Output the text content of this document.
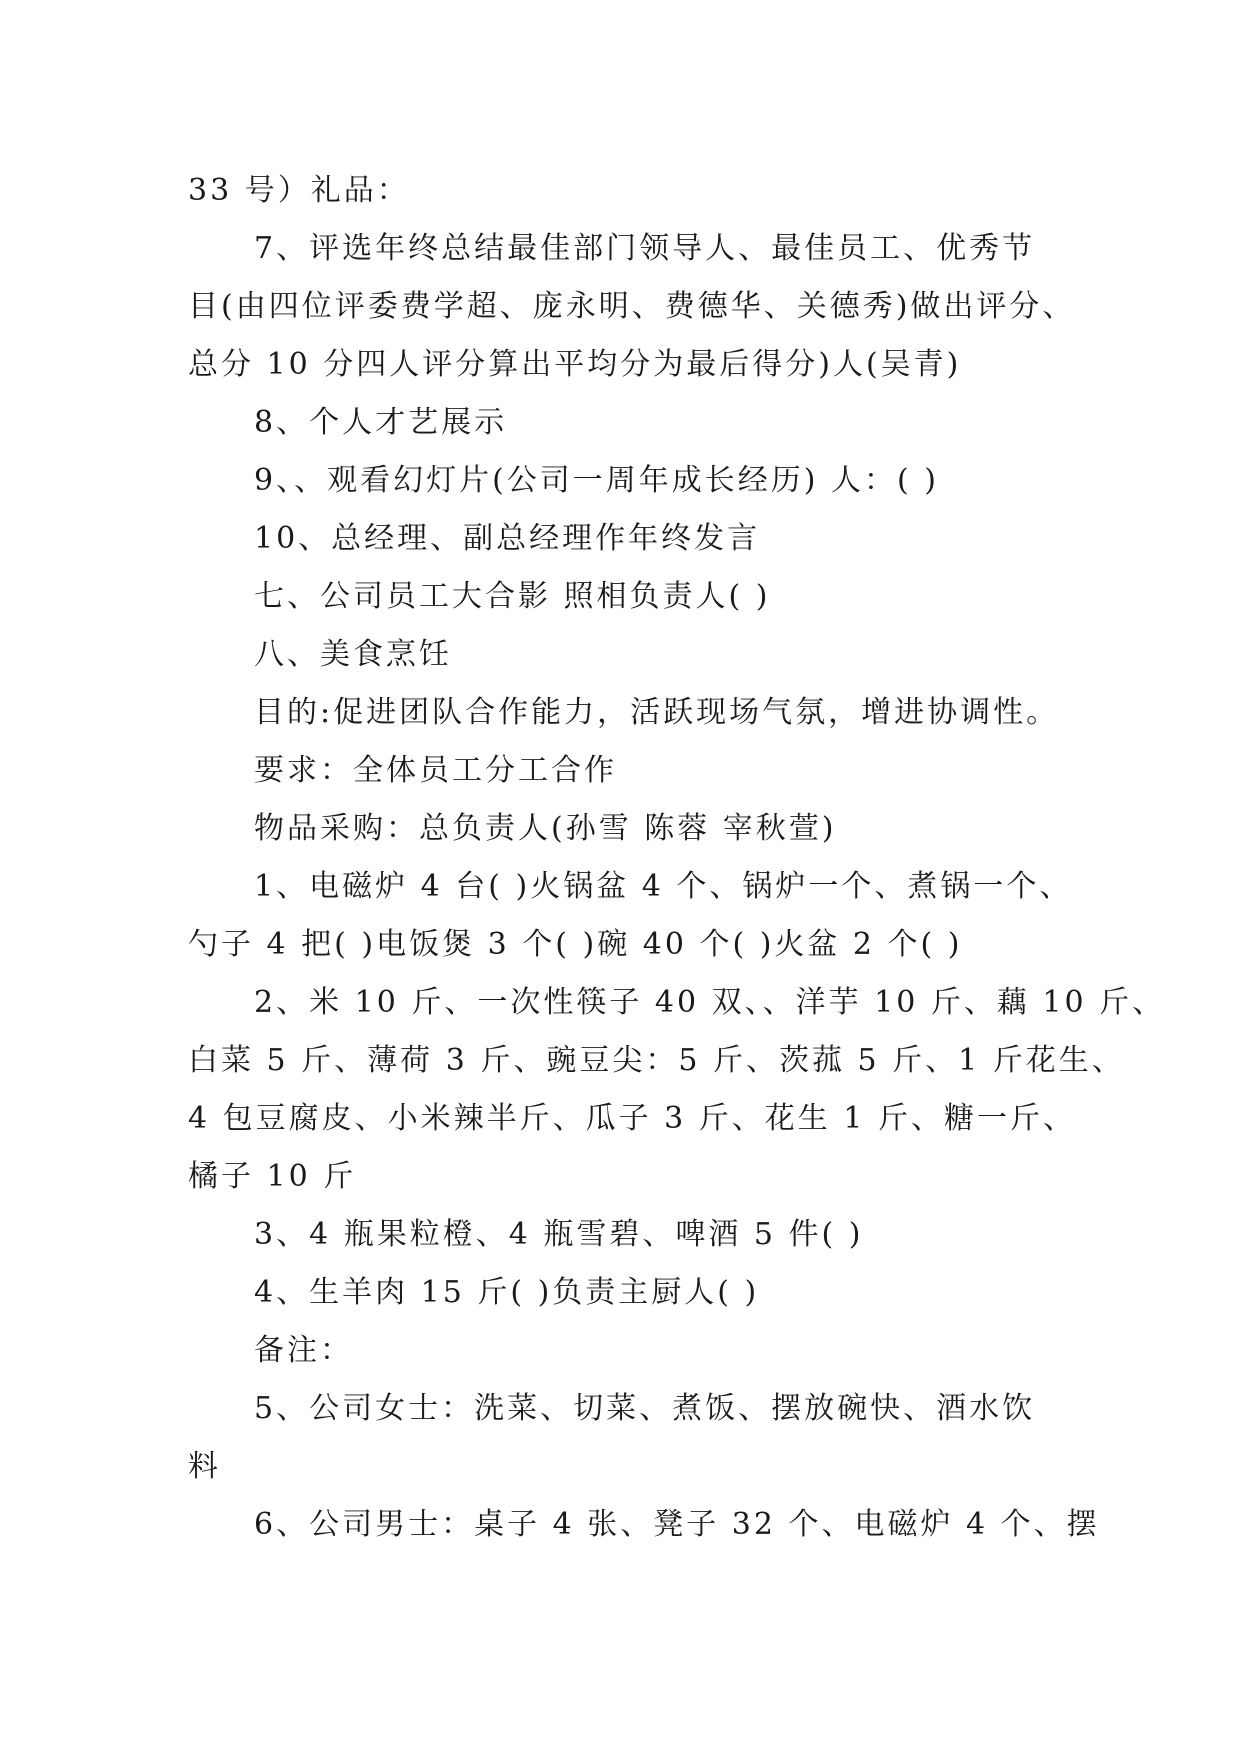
33 号）礼品：
7、评选年终总结最佳部门领导人、最佳员工、优秀节
目(由四位评委费学超、庞永明、费德华、关德秀)做出评分、
总分 10 分四人评分算出平均分为最后得分)人(吴青)
8、个人才艺展示
9、、观看幻灯片(公司一周年成长经历) 人：( )
10、总经理、副总经理作年终发言
七、公司员工大合影 照相负责人( )
八、美食烹饪
目的:促进团队合作能力，活跃现场气氛，增进协调性。
要求：全体员工分工合作
物品采购：总负责人(孙雪 陈蓉 宰秋萱)
1、电磁炉 4 台( )火锅盆 4 个、锅炉一个、煮锅一个、
勺子 4 把( )电饭煲 3 个( )碗 40 个( )火盆 2 个( )
2、米 10 斤、一次性筷子 40 双、、洋芋 10 斤、藕 10 斤、
白菜 5 斤、薄荷 3 斤、豌豆尖：5 斤、茨菰 5 斤、1 斤花生、
4 包豆腐皮、小米辣半斤、瓜子 3 斤、花生 1 斤、糖一斤、
橘子 10 斤
3、4 瓶果粒橙、4 瓶雪碧、啤酒 5 件( )
4、生羊肉 15 斤( )负责主厨人( )
备注：
5、公司女士：洗菜、切菜、煮饭、摆放碗快、酒水饮
料
6、公司男士：桌子 4 张、凳子 32 个、电磁炉 4 个、摆
